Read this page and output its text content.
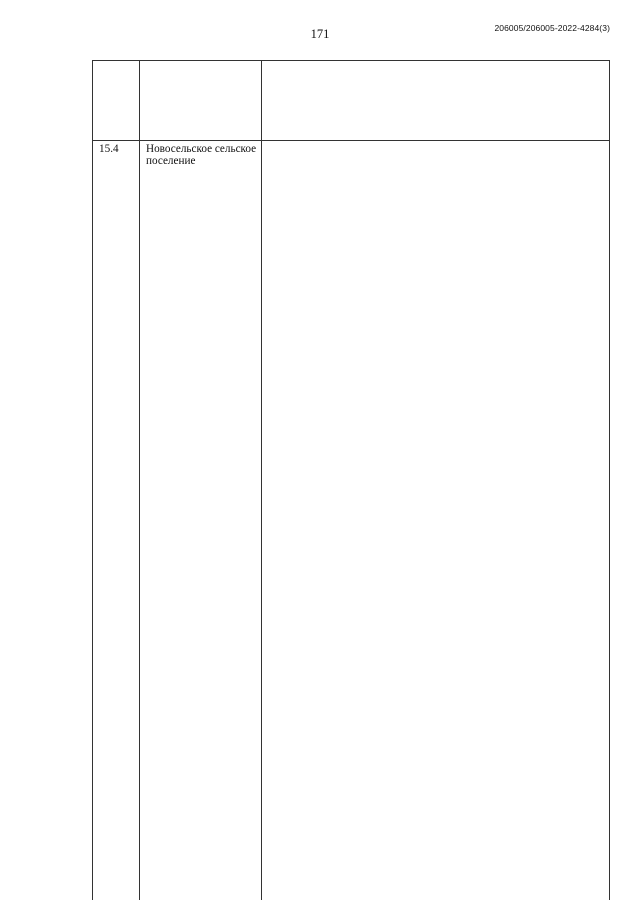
171	206005/206005-2022-4284(3)
15.4 Новосельское сельское поселение
